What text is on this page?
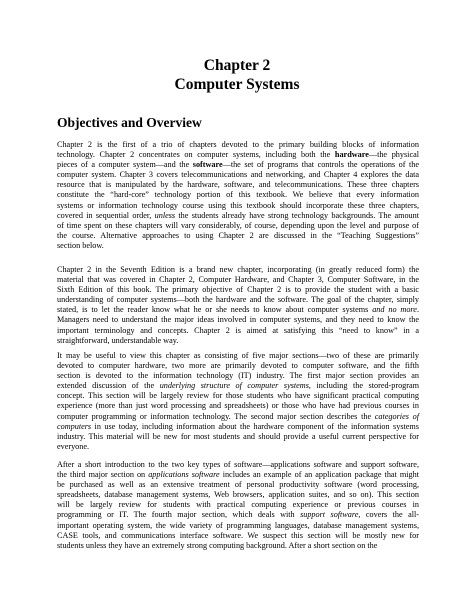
Chapter 2
Computer Systems
Objectives and Overview
Chapter 2 is the first of a trio of chapters devoted to the primary building blocks of information
technology. Chapter 2 concentrates on computer systems, including both the hardware—the physical
pieces of a computer system—and the software—the set of programs that controls the operations of the
computer system. Chapter 3 covers telecommunications and networking, and Chapter 4 explores the data
resource that is manipulated by the hardware, software, and telecommunications. These three chapters
constitute the “hard-core” technology portion of this textbook. We believe that every information
systems or information technology course using this textbook should incorporate these three chapters,
covered in sequential order, unless the students already have strong technology backgrounds. The amount
of time spent on these chapters will vary considerably, of course, depending upon the level and purpose of
the course. Alternative approaches to using Chapter 2 are discussed in the “Teaching Suggestions”
section below.
Chapter 2 in the Seventh Edition is a brand new chapter, incorporating (in greatly reduced form) the
material that was covered in Chapter 2, Computer Hardware, and Chapter 3, Computer Software, in the
Sixth Edition of this book. The primary objective of Chapter 2 is to provide the student with a basic
understanding of computer systems—both the hardware and the software. The goal of the chapter, simply
stated, is to let the reader know what he or she needs to know about computer systems and no more.
Managers need to understand the major ideas involved in computer systems, and they need to know the
important terminology and concepts. Chapter 2 is aimed at satisfying this “need to know” in a
straightforward, understandable way.
It may be useful to view this chapter as consisting of five major sections—two of these are primarily
devoted to computer hardware, two more are primarily devoted to computer software, and the fifth
section is devoted to the information technology (IT) industry. The first major section provides an
extended discussion of the underlying structure of computer systems, including the stored-program
concept. This section will be largely review for those students who have significant practical computing
experience (more than just word processing and spreadsheets) or those who have had previous courses in
computer programming or information technology. The second major section describes the categories of
computers in use today, including information about the hardware component of the information systems
industry. This material will be new for most students and should provide a useful current perspective for
everyone.
After a short introduction to the two key types of software—applications software and support software,
the third major section on applications software includes an example of an application package that might
be purchased as well as an extensive treatment of personal productivity software (word processing,
spreadsheets, database management systems, Web browsers, application suites, and so on). This section
will be largely review for students with practical computing experience or previous courses in
programming or IT. The fourth major section, which deals with support software, covers the all-
important operating system, the wide variety of programming languages, database management systems,
CASE tools, and communications interface software. We suspect this section will be mostly new for
students unless they have an extremely strong computing background. After a short section on the
